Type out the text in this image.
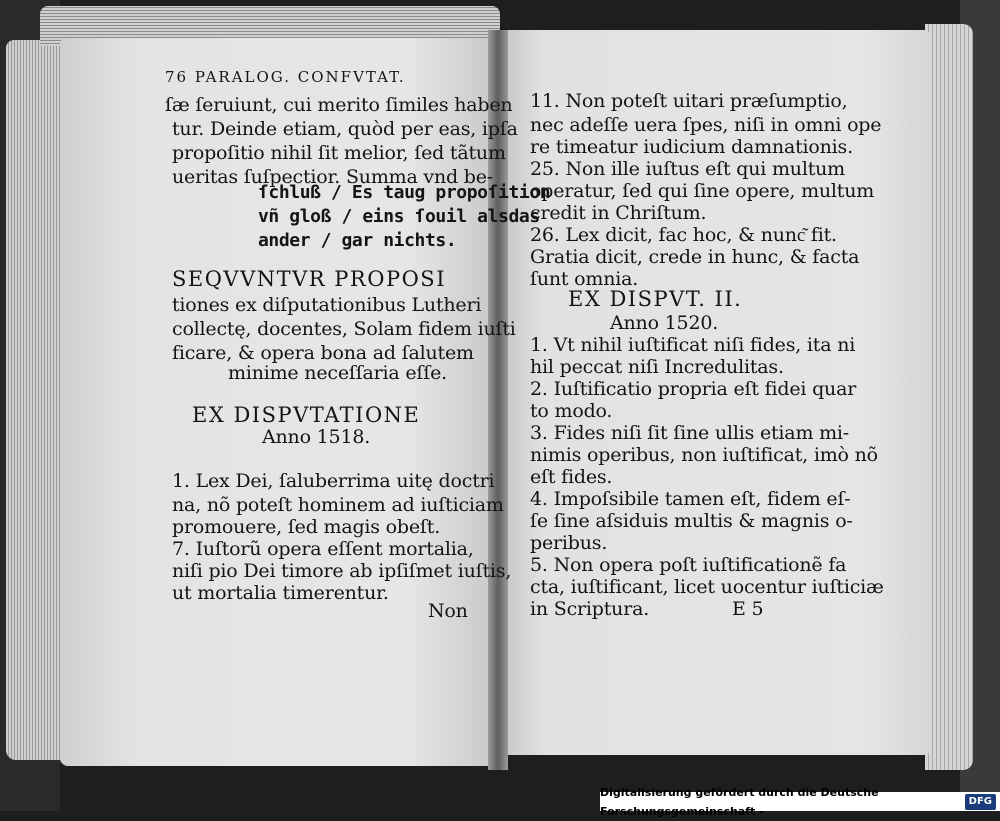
76 PARALOG. CONFVTAT.
ſæ ſeruiunt, cui merito ſimiles haben
tur. Deinde etiam, quòd per eas, ipſa
propoſitio nihil ſit melior, ſed tãtum
ueritas ſuſpectior. Summa vnd be-
ſchluß / Es taug propoſition
vñ gloß / eins ſouil alsdas
ander / gar nichts.
SEQVVNTVR PROPOSI
tiones ex diſputationibus Lutheri
collectę, docentes, Solam fidem iuſti
ficare, & opera bona ad ſalutem
minime neceſſaria eſſe.
EX DISPVTATIONE
Anno 1518.
1. Lex Dei, ſaluberrima uitę doctri
na, nõ poteſt hominem ad iuſticiam
promouere, ſed magis obeſt.
7. Iuſtorũ opera eſſent mortalia,
niſi pio Dei timore ab ipſiſmet iuſtis,
ut mortalia timerentur.
Non
11. Non poteſt uitari præſumptio,
nec adeſſe uera ſpes, niſi in omni ope
re timeatur iudicium damnationis.
25. Non ille iuſtus eſt qui multum
operatur, ſed qui ſine opere, multum
credit in Chriſtum.
26. Lex dicit, fac hoc, & nunc͂ fit.
Gratia dicit, crede in hunc, & facta
ſunt omnia.
EX DISPVT. II.
Anno 1520.
1. Vt nihil iuſtificat niſi fides, ita ni
hil peccat niſi Incredulitas.
2. Iuſtificatio propria eſt fidei quar
to modo.
3. Fides niſi ſit ſine ullis etiam mi-
nimis operibus, non iuſtificat, imò nõ
eſt fides.
4. Impoſsibile tamen eſt, fidem eſ-
ſe ſine aſsiduis multis & magnis o-
peribus.
5. Non opera poſt iuſtificationẽ fa
cta, iuſtificant, licet uocentur iuſticiæ
in Scriptura.	E 5
Digitalisierung gefördert durch die Deutsche Forschungsgemeinschaft -
DFG
